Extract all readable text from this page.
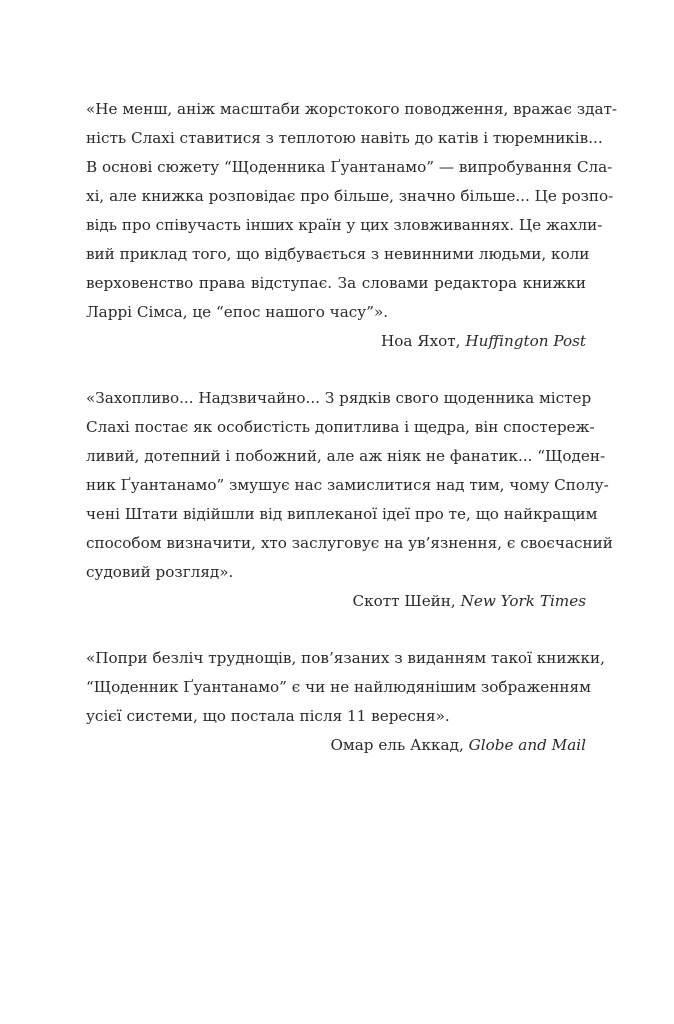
«Не менш, аніж масштаби жорстокого поводження, вражає здат-
ність Слахі ставитися з теплотою навіть до катів і тюремників...
В основі сюжету “Щоденника Ґуантанамо” — випробування Сла-
хі, але книжка розповідає про більше, значно більше... Це розпо-
відь про співучасть інших країн у цих зловживаннях. Це жахли-
вий приклад того, що відбувається з невинними людьми, коли
верховенство права відступає. За словами редактора книжки
Ларрі Сімса, це “епос нашого часу”».

Ноа Яхот, Huffington Post

«Захопливо... Надзвичайно... З рядків свого щоденника містер
Слахі постає як особистість допитлива і щедра, він спостереж-
ливий, дотепний і побожний, але аж ніяк не фанатик... “Щоден-
ник Ґуантанамо” змушує нас замислитися над тим, чому Сполу-
чені Штати відійшли від виплеканої ідеї про те, що найкращим
способом визначити, хто заслуговує на ув’язнення, є своєчасний
судовий розгляд».

Скотт Шейн, New York Times

«Попри безліч труднощів, пов’язаних з виданням такої книжки,
“Щоденник Ґуантанамо” є чи не найлюдянішим зображенням
усієї системи, що постала після 11 вересня».

Омар ель Аккад, Globe and Mail
